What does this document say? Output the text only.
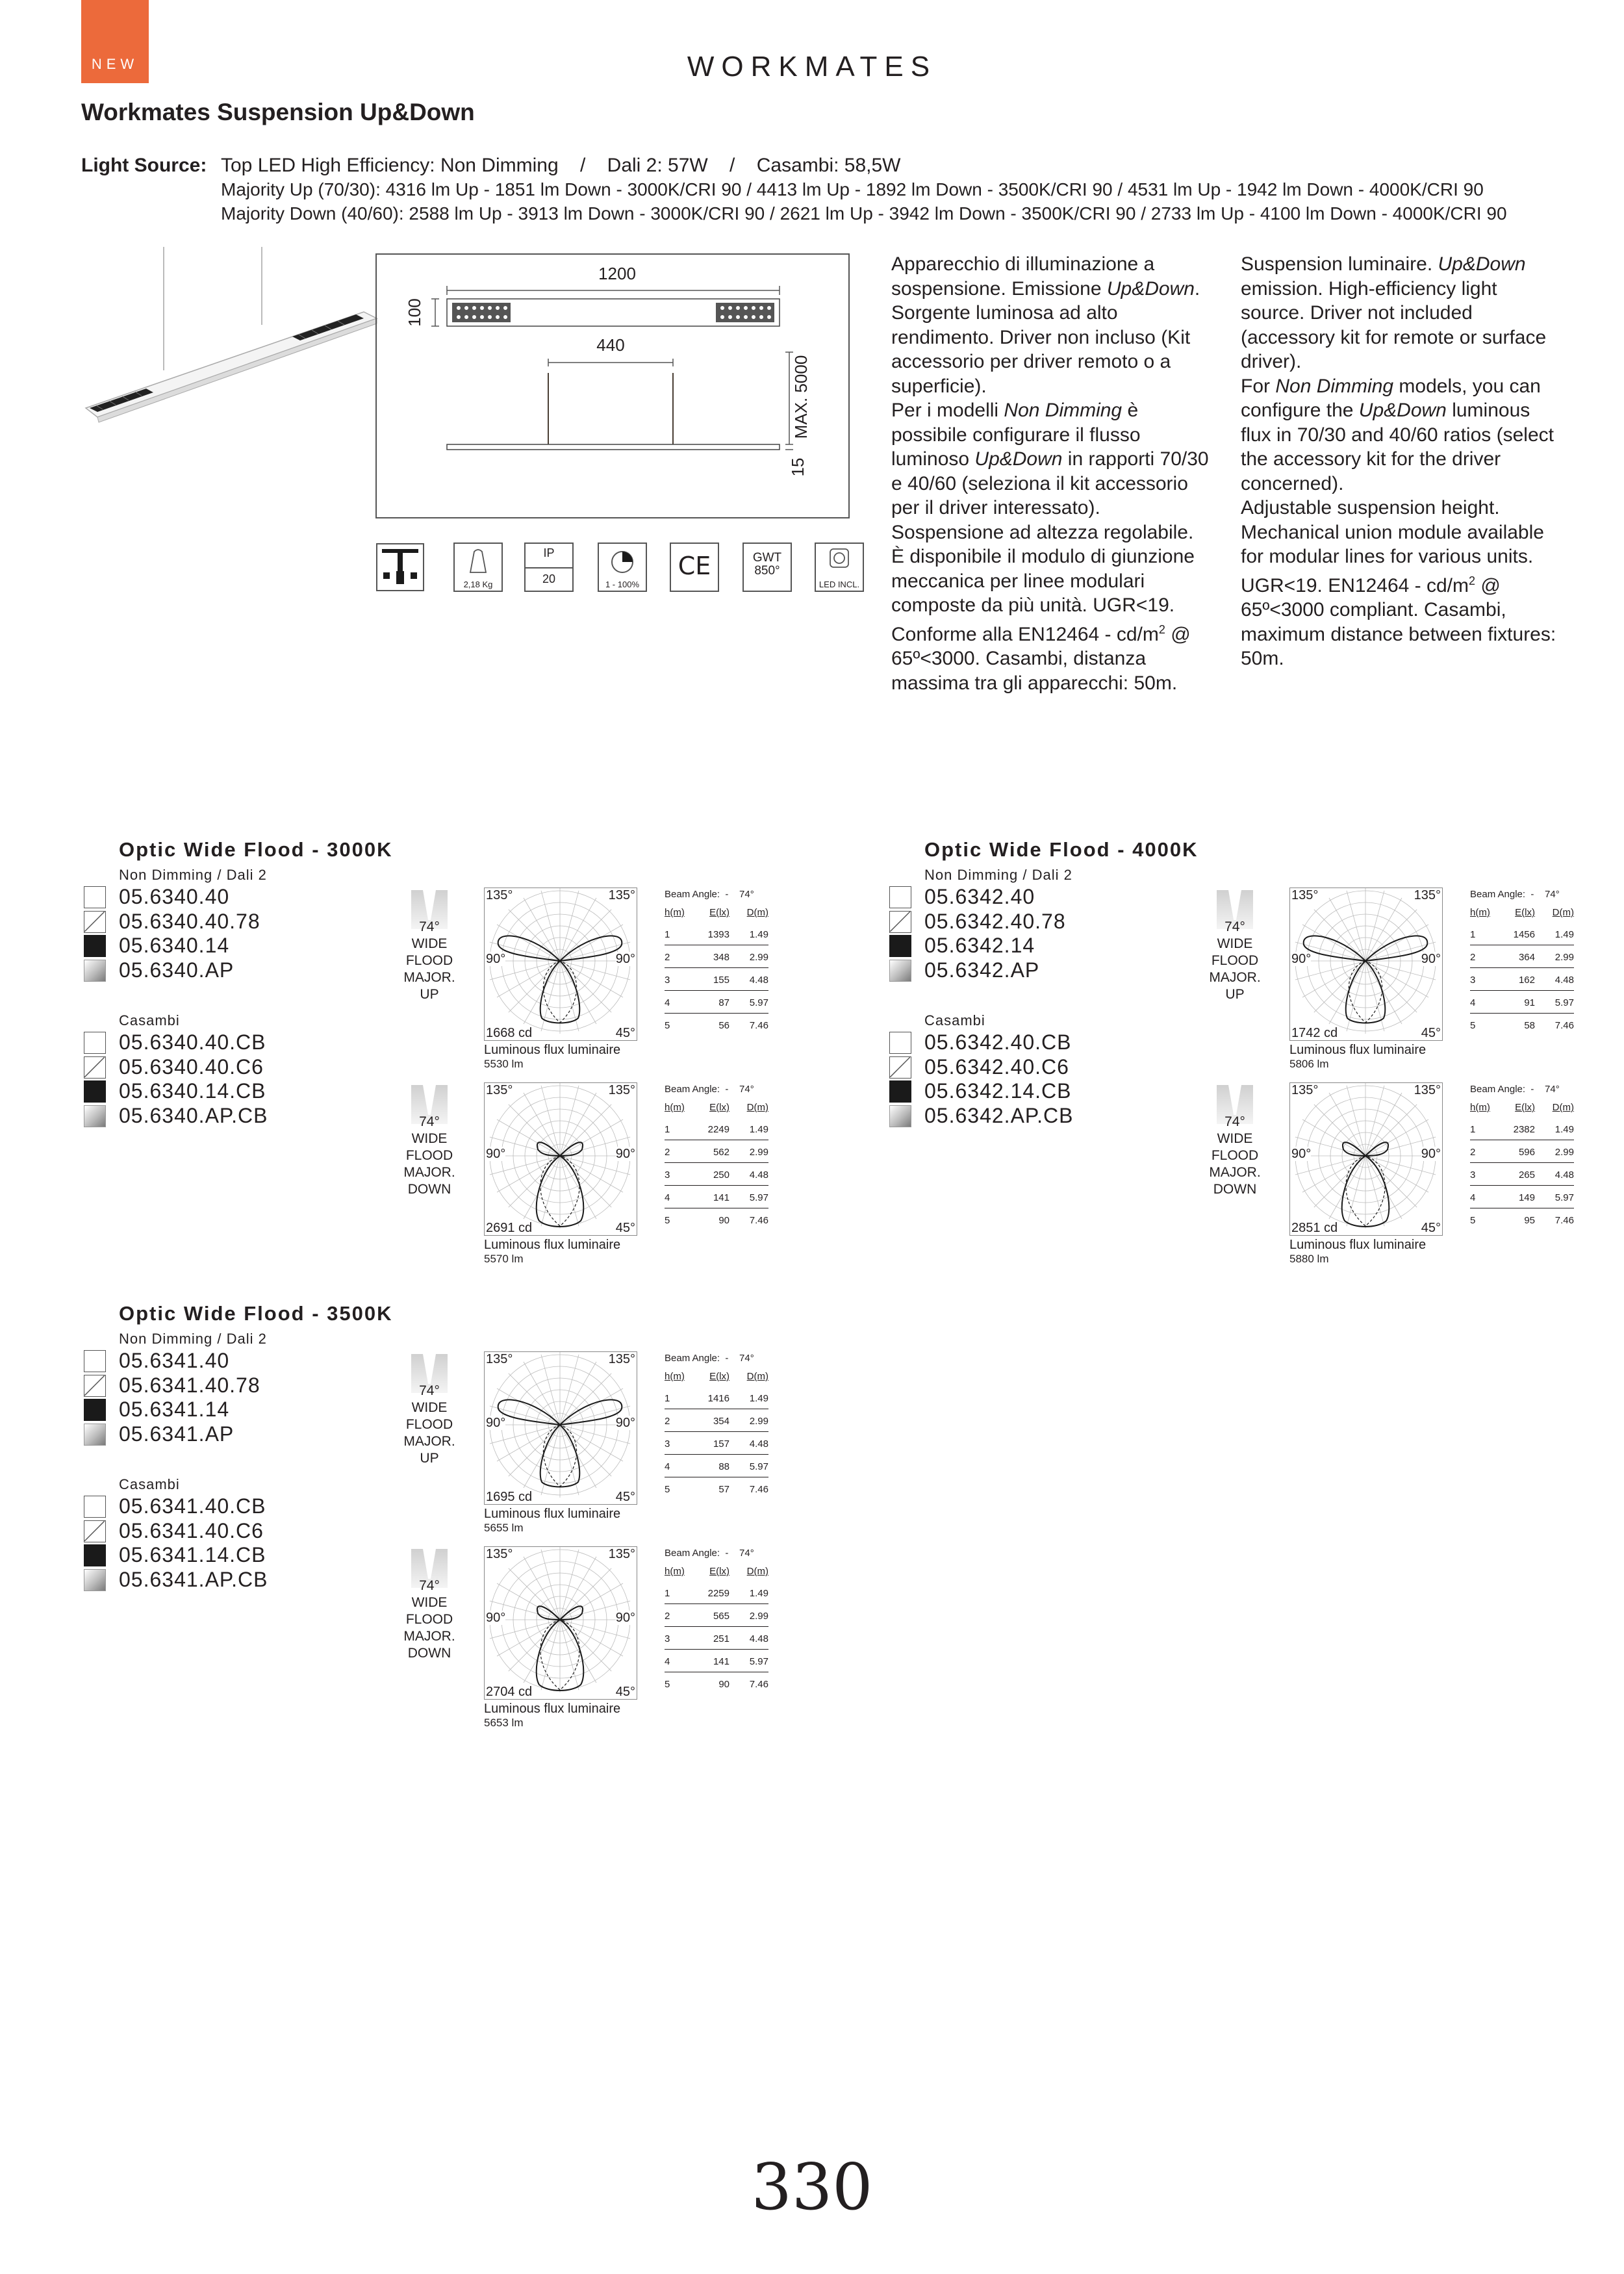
NEW	WORKMATES
Workmates Suspension Up&Down
Light Source: Top LED High Efficiency: Non Dimming    /    Dali 2: 57W    /    Casambi: 58,5W
Majority Up (70/30): 4316 lm Up - 1851 lm Down - 3000K/CRI 90 / 4413 lm Up - 1892 lm Down - 3500K/CRI 90 / 4531 lm Up - 1942 lm Down - 4000K/CRI 90
Majority Down (40/60): 2588 lm Up - 3913 lm Down - 3000K/CRI 90 / 2621 lm Up - 3942 lm Down - 3500K/CRI 90 / 2733 lm Up - 4100 lm Down - 4000K/CRI 90
1200
100
440
MAX. 5000
15
2,18 Kg
IP
20	1 - 100%
CE	GWT
850°
LED INCL.

Apparecchio di illuminazione a sospensione. Emissione Up&Down. Sorgente luminosa ad alto rendimento. Driver non incluso (Kit accessorio per driver remoto o a superficie).

Per i modelli Non Dimming è possibile configurare il flusso luminoso Up&Down in rapporti 70/30 e 40/60 (seleziona il kit accessorio per il driver interessato).

Sospensione ad altezza regolabile. È disponibile il modulo di giunzione meccanica per linee modulari composte da più unità. UGR<19. Conforme alla $EN12464 - cd/m^2$ @ 65º<3000. Casambi, distanza massima tra gli apparecchi: 50m.

Suspension luminaire. Up&Down emission. High-efficiency light source. Driver not included (accessory kit for remote or surface driver).

For Non Dimming models, you can configure the Up&Down luminous flux in 70/30 and 40/60 ratios (select the accessory kit for the driver concerned).

Adjustable suspension height. Mechanical union module available for modular lines for various units. UGR<19. $EN12464 - cd/m^2$ @ 65º<3000 compliant. Casambi, maximum distance between fixtures: 50m.

Optic Wide Flood - 3000K
Non Dimming / Dali 2
05.6340.40
05.6340.40.78
05.6340.14
05.6340.AP
Casambi
05.6340.40.CB
05.6340.40.C6
05.6340.14.CB
05.6340.AP.CB
74°
WIDE
FLOOD
MAJOR.
UP
135°	135°
90°	90°
45°
1668 cd
Luminous flux luminaire
5530 lm
Beam Angle:  -    74°
h(m)	E(lx) D(m)
1	1393 1.49
2	348 2.99
3	155 4.48
4	87 5.97
5	56 7.46
74°
WIDE
FLOOD
MAJOR.
DOWN
135°	135°
90°	90°
45°
2691 cd
Luminous flux luminaire
5570 lm
Beam Angle:  -    74°
h(m)	E(lx) D(m)
1	2249 1.49
2	562 2.99
3	250 4.48
4	141 5.97
5	90 7.46
Optic Wide Flood - 4000K
Non Dimming / Dali 2
05.6342.40
05.6342.40.78
05.6342.14
05.6342.AP
Casambi
05.6342.40.CB
05.6342.40.C6
05.6342.14.CB
05.6342.AP.CB
74°
WIDE
FLOOD
MAJOR.
UP
135°	135°
90°	90°
45°
1742 cd
Luminous flux luminaire
5806 lm
Beam Angle:  -    74°
h(m)	E(lx) D(m)
1	1456 1.49
2	364 2.99
3	162 4.48
4	91 5.97
5	58 7.46
74°
WIDE
FLOOD
MAJOR.
DOWN
135°	135°
90°	90°
45°
2851 cd
Luminous flux luminaire
5880 lm
Beam Angle:  -    74°
h(m)	E(lx) D(m)
1	2382 1.49
2	596 2.99
3	265 4.48
4	149 5.97
5	95 7.46
Optic Wide Flood - 3500K
Non Dimming / Dali 2
05.6341.40
05.6341.40.78
05.6341.14
05.6341.AP
Casambi
05.6341.40.CB
05.6341.40.C6
05.6341.14.CB
05.6341.AP.CB
74°
WIDE
FLOOD
MAJOR.
UP
135°	135°
90°	90°
45°
1695 cd
Luminous flux luminaire
5655 lm
Beam Angle:  -    74°
h(m)	E(lx) D(m)
1	1416 1.49
2	354 2.99
3	157 4.48
4	88 5.97
5	57 7.46
74°
WIDE
FLOOD
MAJOR.
DOWN
135°	135°
90°	90°
45°
2704 cd
Luminous flux luminaire
5653 lm
Beam Angle:  -    74°
h(m)	E(lx) D(m)
1	2259 1.49
2	565 2.99
3	251 4.48
4	141 5.97
5	90 7.46
330
